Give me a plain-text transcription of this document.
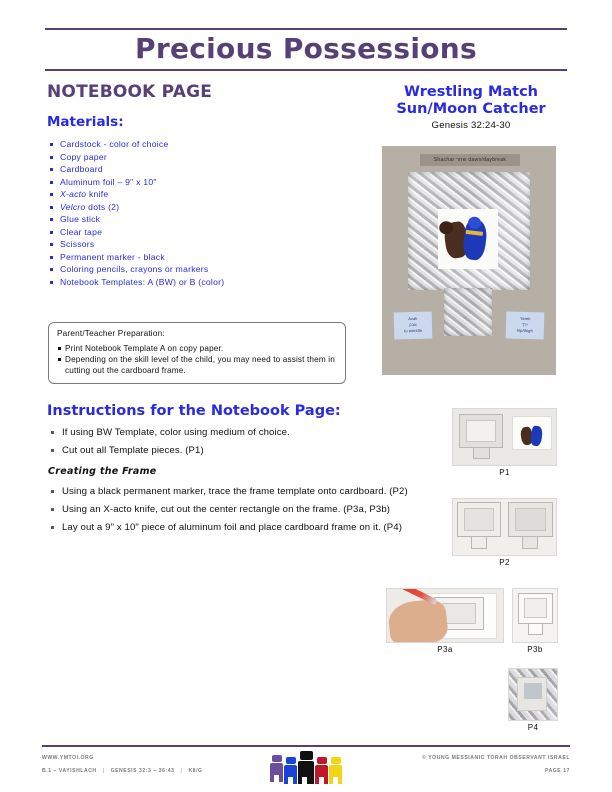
Precious Possessions
NOTEBOOK PAGE
Materials:
Cardstock - color of choice
Copy paper
Cardboard
Aluminum foil – 9" x 10"
X-acto knife
Velcro dots (2)
Glue stick
Clear tape
Scissors
Permanent marker - black
Coloring pencils, crayons or markers
Notebook Templates: A (BW) or B (color)
Parent/Teacher Preparation:
Print Notebook Template A on copy paper.
Depending on the skill level of the child, you may need to assist them in cutting out the cardboard frame.
Instructions for the Notebook Page:
If using BW Template, color using medium of choice.
Cut out all Template pieces. (P1)
Creating the Frame
Using a black permanent marker, trace the frame template onto cardboard. (P2)
Using an X-acto knife, cut out the center rectangle on the frame. (P3a, P3b)
Lay out a 9" x 10" piece of aluminum foil and place cardboard frame on it. (P4)
Wrestling Match
Sun/Moon Catcher
Genesis 32:24-30
Shachar שחר dawn/daybreak
Avak
אבק
to wrestle
Yarek
ירך
hip/thigh
P1
P2
P3a	P3b
P4
WWW.YMTOI.ORG
B.1 – VAYISHLACH | GENESIS 32:3 – 36:43 | K8/G
© YOUNG MESSIANIC TORAH OBSERVANT ISRAEL
PAGE 17
